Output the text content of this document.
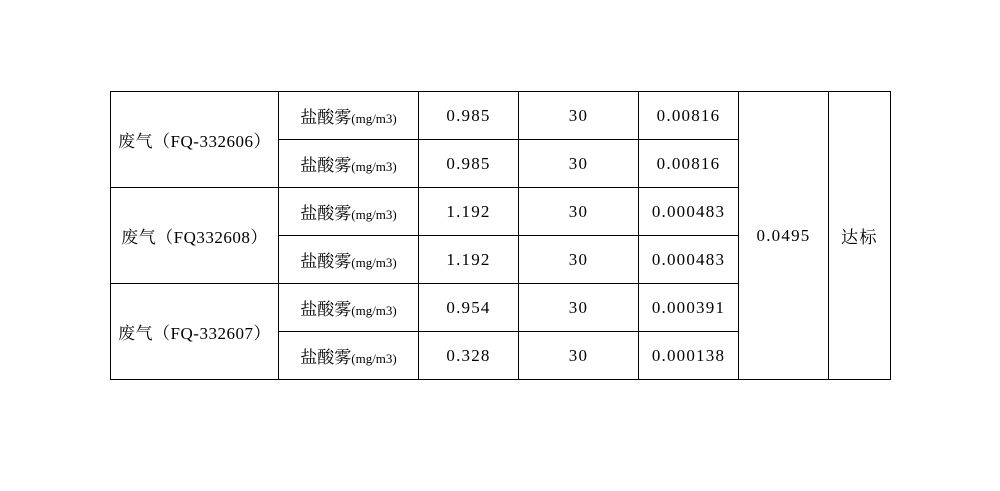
废气（FQ-332606）	盐酸雾(mg/m3)	0.985	30	0.00816	0.0495	达标
	盐酸雾(mg/m3)	0.985	30	0.00816		
废气（FQ332608）	盐酸雾(mg/m3)	1.192	30	0.000483		
	盐酸雾(mg/m3)	1.192	30	0.000483		
废气（FQ-332607）	盐酸雾(mg/m3)	0.954	30	0.000391		
	盐酸雾(mg/m3)	0.328	30	0.000138		
